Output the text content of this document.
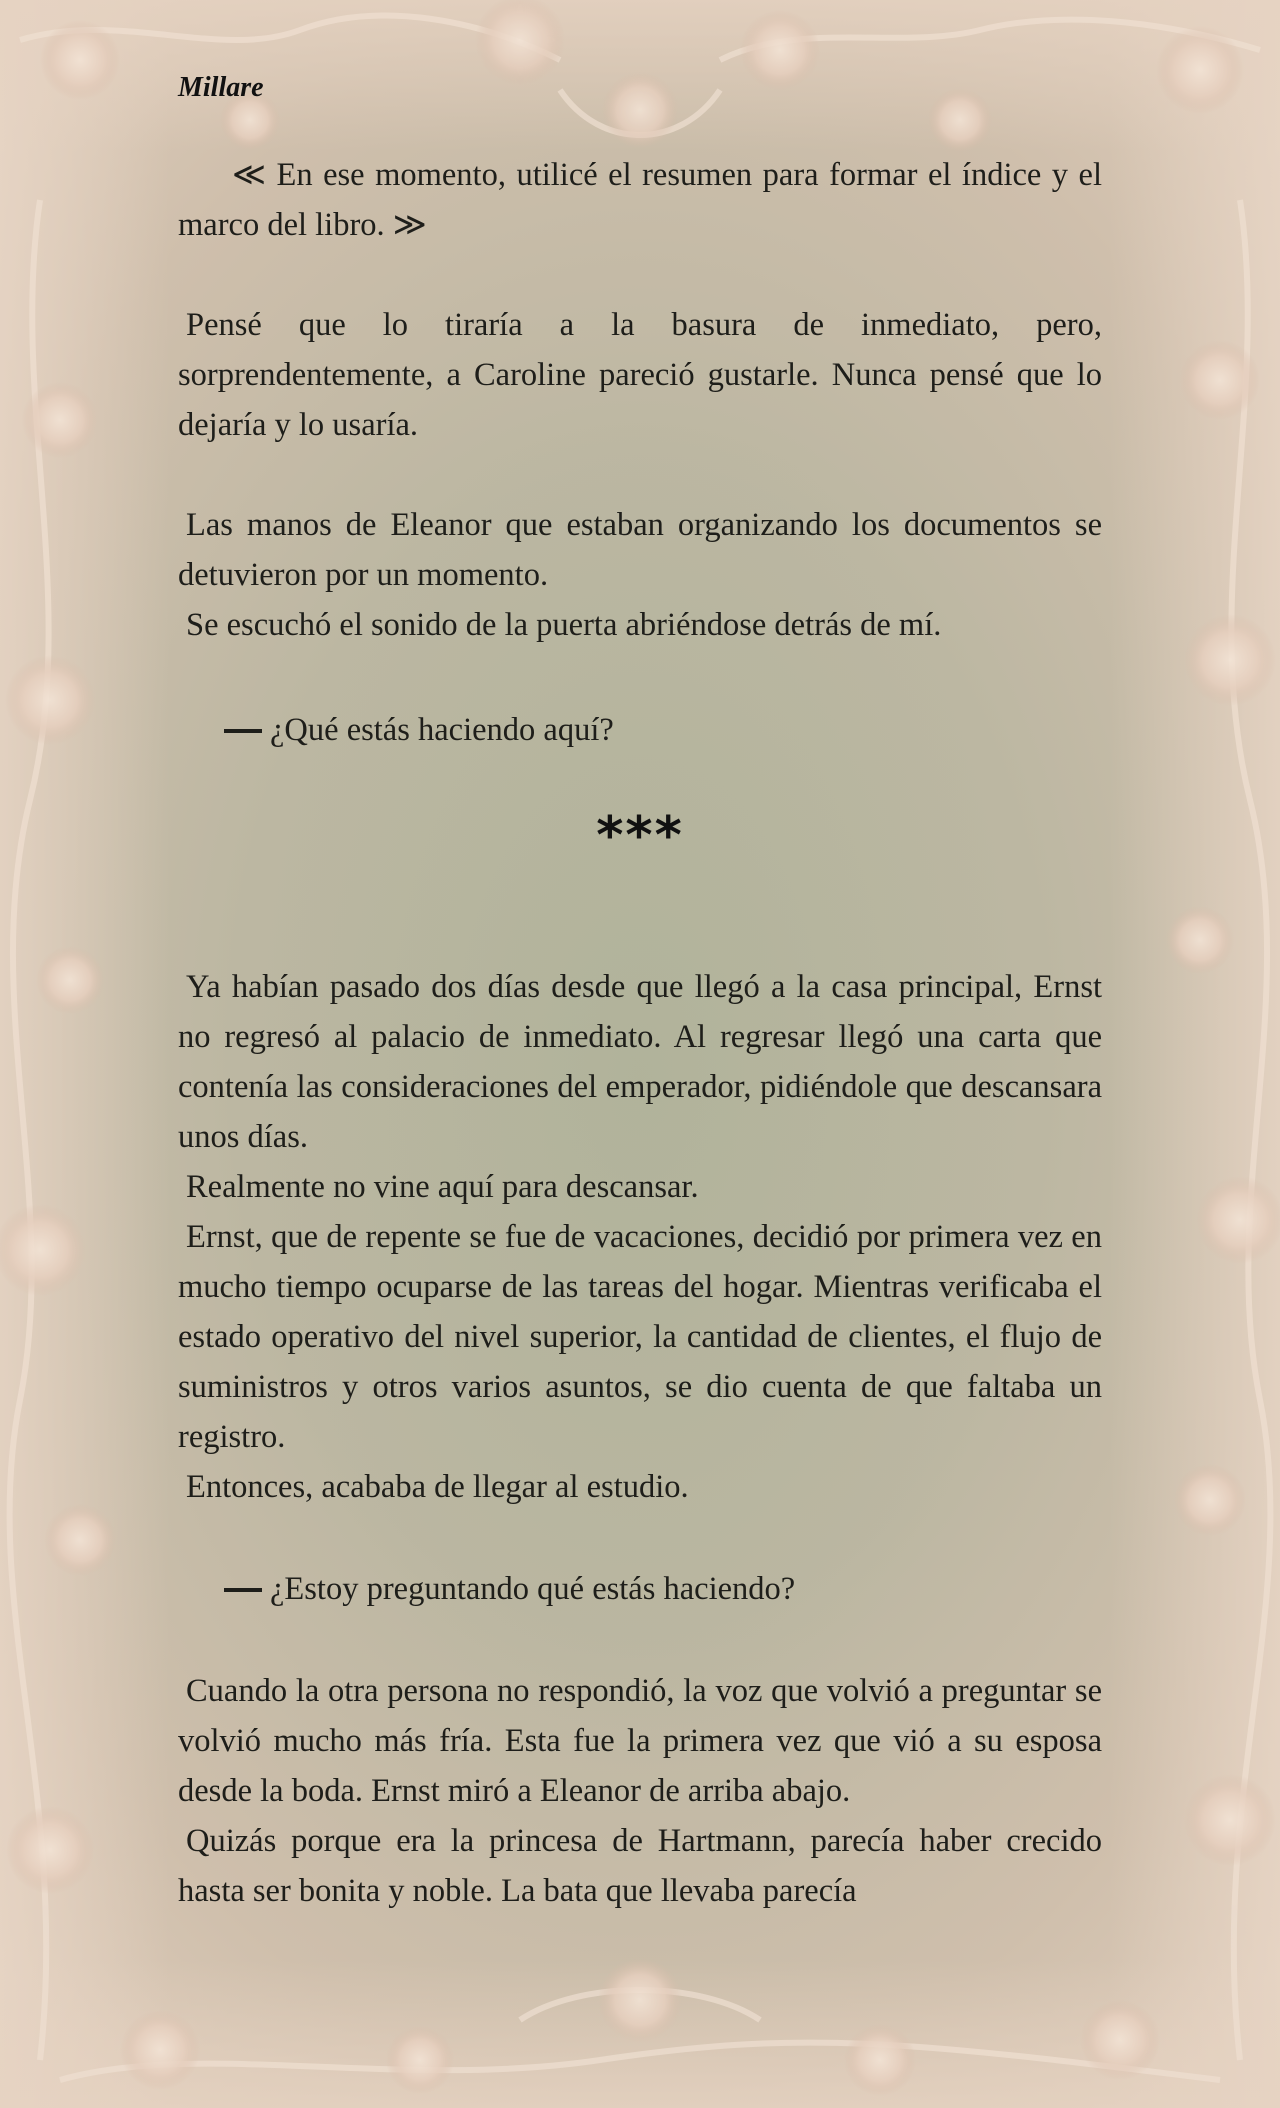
Millare

≪ En ese momento, utilicé el resumen para formar el índice y el marco del libro. ≫

Pensé que lo tiraría a la basura de inmediato, pero, sorprendentemente, a Caroline pareció gustarle. Nunca pensé que lo dejaría y lo usaría.

Las manos de Eleanor que estaban organizando los documentos se detuvieron por un momento.

Se escuchó el sonido de la puerta abriéndose detrás de mí.

¿Qué estás haciendo aquí?
***

Ya habían pasado dos días desde que llegó a la casa principal, Ernst no regresó al palacio de inmediato. Al regresar llegó una carta que contenía las consideraciones del emperador, pidiéndole que descansara unos días.

Realmente no vine aquí para descansar.

Ernst, que de repente se fue de vacaciones, decidió por primera vez en mucho tiempo ocuparse de las tareas del hogar. Mientras verificaba el estado operativo del nivel superior, la cantidad de clientes, el flujo de suministros y otros varios asuntos, se dio cuenta de que faltaba un registro.

Entonces, acababa de llegar al estudio.

¿Estoy preguntando qué estás haciendo?

Cuando la otra persona no respondió, la voz que volvió a preguntar se volvió mucho más fría. Esta fue la primera vez que vió a su esposa desde la boda. Ernst miró a Eleanor de arriba abajo.

Quizás porque era la princesa de Hartmann, parecía haber crecido hasta ser bonita y noble. La bata que llevaba parecía
